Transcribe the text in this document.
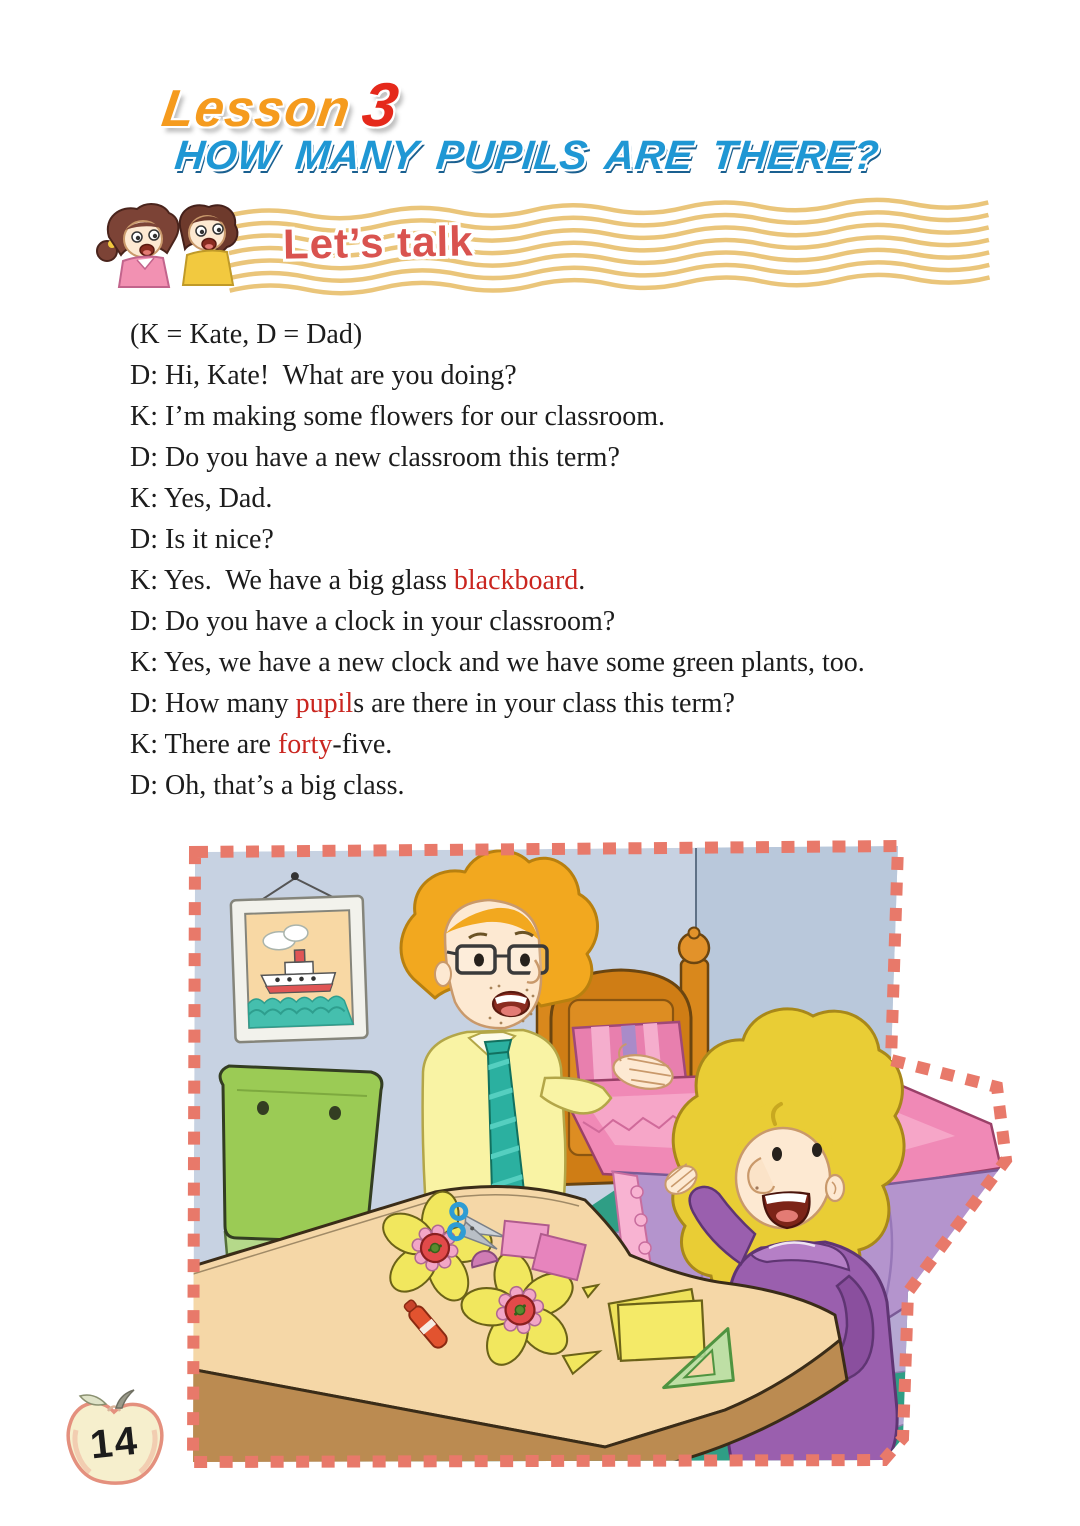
Lesson3
HOW MANY PUPILS ARE THERE?
Let’s talk
(K = Kate, D = Dad)
D: Hi, Kate!  What are you doing?
K: I’m making some flowers for our classroom.
D: Do you have a new classroom this term?
K: Yes, Dad.
D: Is it nice?
K: Yes.  We have a big glass blackboard.
D: Do you have a clock in your classroom?
K: Yes, we have a new clock and we have some green plants, too.
D: How many pupils are there in your class this term?
K: There are forty-five.
D: Oh, that’s a big class.
14
